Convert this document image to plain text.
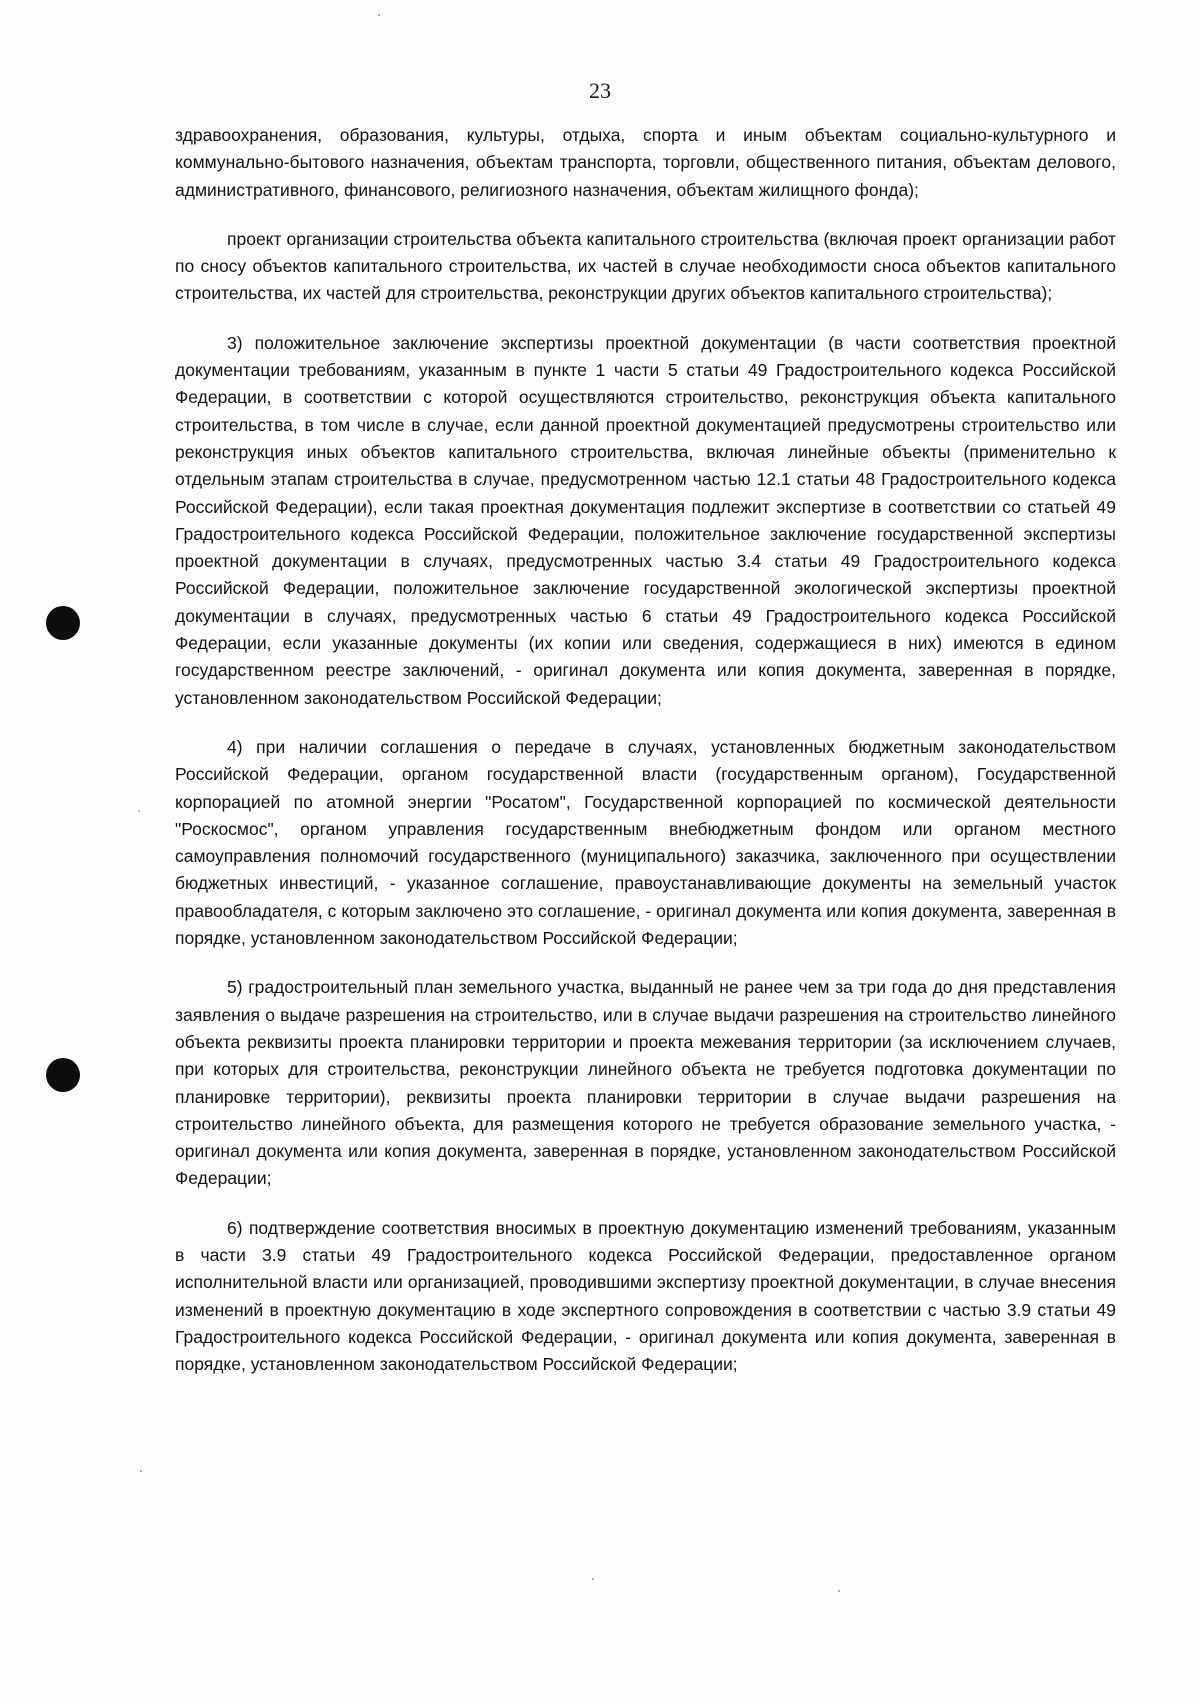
23

здравоохранения, образования, культуры, отдыха, спорта и иным объектам социально-культурного и коммунально-бытового назначения, объектам транспорта, торговли, общественного питания, объектам делового, административного, финансового, религиозного назначения, объектам жилищного фонда);

проект организации строительства объекта капитального строительства (включая проект организации работ по сносу объектов капитального строительства, их частей в случае необходимости сноса объектов капитального строительства, их частей для строительства, реконструкции других объектов капитального строительства);

3) положительное заключение экспертизы проектной документации (в части соответствия проектной документации требованиям, указанным в пункте 1 части 5 статьи 49 Градостроительного кодекса Российской Федерации, в соответствии с которой осуществляются строительство, реконструкция объекта капитального строительства, в том числе в случае, если данной проектной документацией предусмотрены строительство или реконструкция иных объектов капитального строительства, включая линейные объекты (применительно к отдельным этапам строительства в случае, предусмотренном частью 12.1 статьи 48 Градостроительного кодекса Российской Федерации), если такая проектная документация подлежит экспертизе в соответствии со статьей 49 Градостроительного кодекса Российской Федерации, положительное заключение государственной экспертизы проектной документации в случаях, предусмотренных частью 3.4 статьи 49 Градостроительного кодекса Российской Федерации, положительное заключение государственной экологической экспертизы проектной документации в случаях, предусмотренных частью 6 статьи 49 Градостроительного кодекса Российской Федерации, если указанные документы (их копии или сведения, содержащиеся в них) имеются в едином государственном реестре заключений, - оригинал документа или копия документа, заверенная в порядке, установленном законодательством Российской Федерации;

4) при наличии соглашения о передаче в случаях, установленных бюджетным законодательством Российской Федерации, органом государственной власти (государственным органом), Государственной корпорацией по атомной энергии "Росатом", Государственной корпорацией по космической деятельности "Роскосмос", органом управления государственным внебюджетным фондом или органом местного самоуправления полномочий государственного (муниципального) заказчика, заключенного при осуществлении бюджетных инвестиций, - указанное соглашение, правоустанавливающие документы на земельный участок правообладателя, с которым заключено это соглашение, - оригинал документа или копия документа, заверенная в порядке, установленном законодательством Российской Федерации;

5) градостроительный план земельного участка, выданный не ранее чем за три года до дня представления заявления о выдаче разрешения на строительство, или в случае выдачи разрешения на строительство линейного объекта реквизиты проекта планировки территории и проекта межевания территории (за исключением случаев, при которых для строительства, реконструкции линейного объекта не требуется подготовка документации по планировке территории), реквизиты проекта планировки территории в случае выдачи разрешения на строительство линейного объекта, для размещения которого не требуется образование земельного участка, - оригинал документа или копия документа, заверенная в порядке, установленном законодательством Российской Федерации;

6) подтверждение соответствия вносимых в проектную документацию изменений требованиям, указанным в части 3.9 статьи 49 Градостроительного кодекса Российской Федерации, предоставленное органом исполнительной власти или организацией, проводившими экспертизу проектной документации, в случае внесения изменений в проектную документацию в ходе экспертного сопровождения в соответствии с частью 3.9 статьи 49 Градостроительного кодекса Российской Федерации, - оригинал документа или копия документа, заверенная в порядке, установленном законодательством Российской Федерации;
